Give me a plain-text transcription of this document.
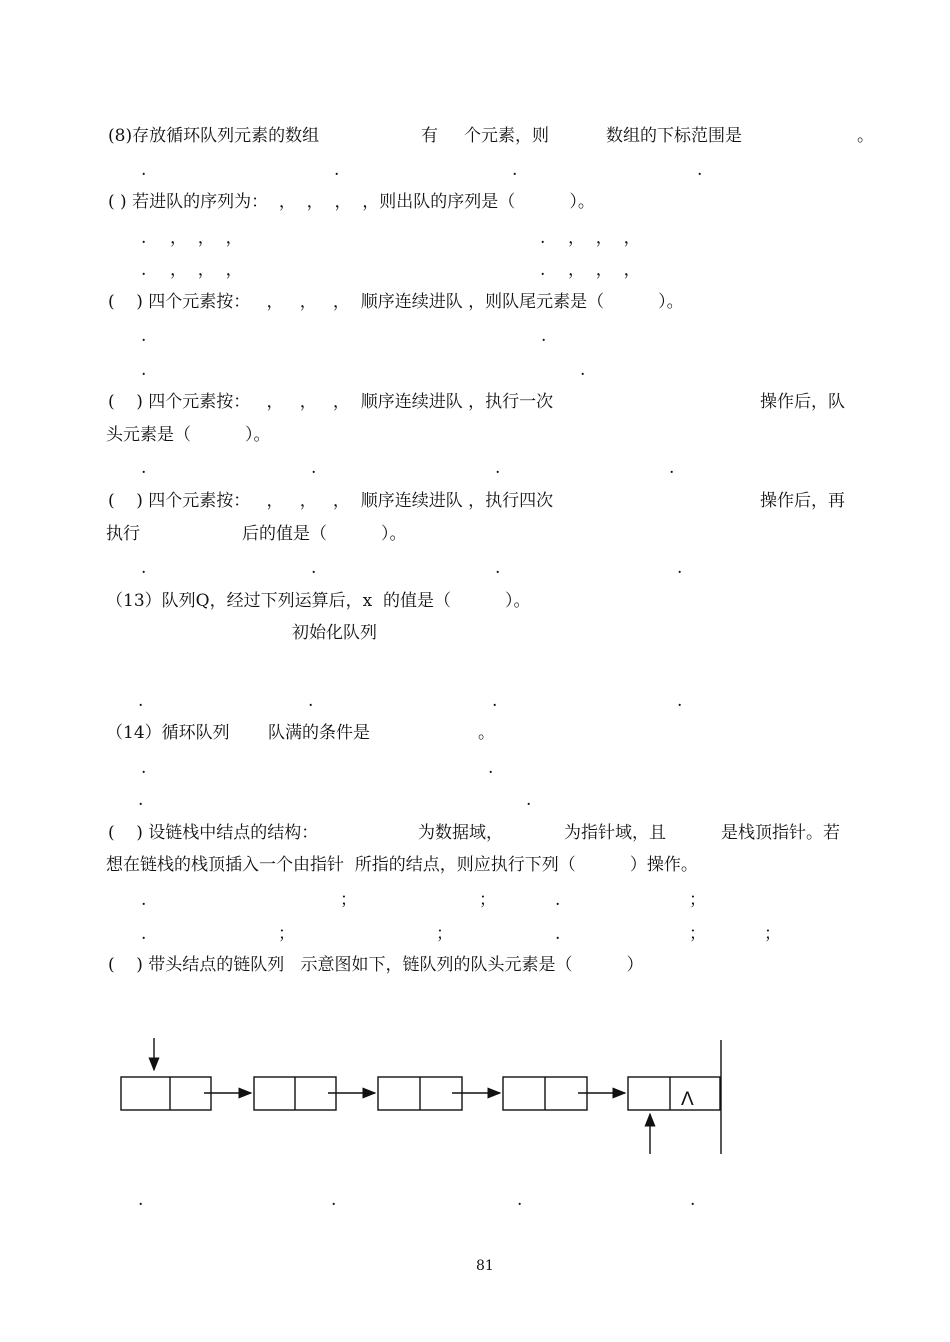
(8)存放循环队列元素的数组	有 个元素，则	数组的下标范围是	。
.	.	.	.
( ) 若进队的序列为：  ，  ，  ，  ，则出队的序列是（          ）。
. ，  ，  ，	. ，  ，  ，
. ，  ，  ，	. ，  ，  ，
(    ) 四个元素按：   ，   ，   ，  顺序连续进队 ，则队尾元素是（          ）。
.	.
.	.
(    ) 四个元素按：   ，   ，   ，  顺序连续进队 ，执行一次	操作后，队
头元素是（          ）。
.	.	.	.
(    ) 四个元素按：   ，   ，   ，  顺序连续进队 ，执行四次	操作后，再
执行	后的值是（          ）。
.	.	.	.
（13）队列Q，经过下列运算后，x  的值是（          ）。
初始化队列
.	.	.	.
（14）循环队列 队满的条件是	。
.	.
.	.
(    ) 设链栈中结点的结构：	为数据域，	为指针域，且	是栈顶指针。若
想在链栈的栈顶插入一个由指针  所指的结点，则应执行下列（          ）操作。
.	；	；	.	；
.	；	；	.	；	；
(    ) 带头结点的链队列   示意图如下，链队列的队头元素是（          ）
Λ
.	.	.	.
81
